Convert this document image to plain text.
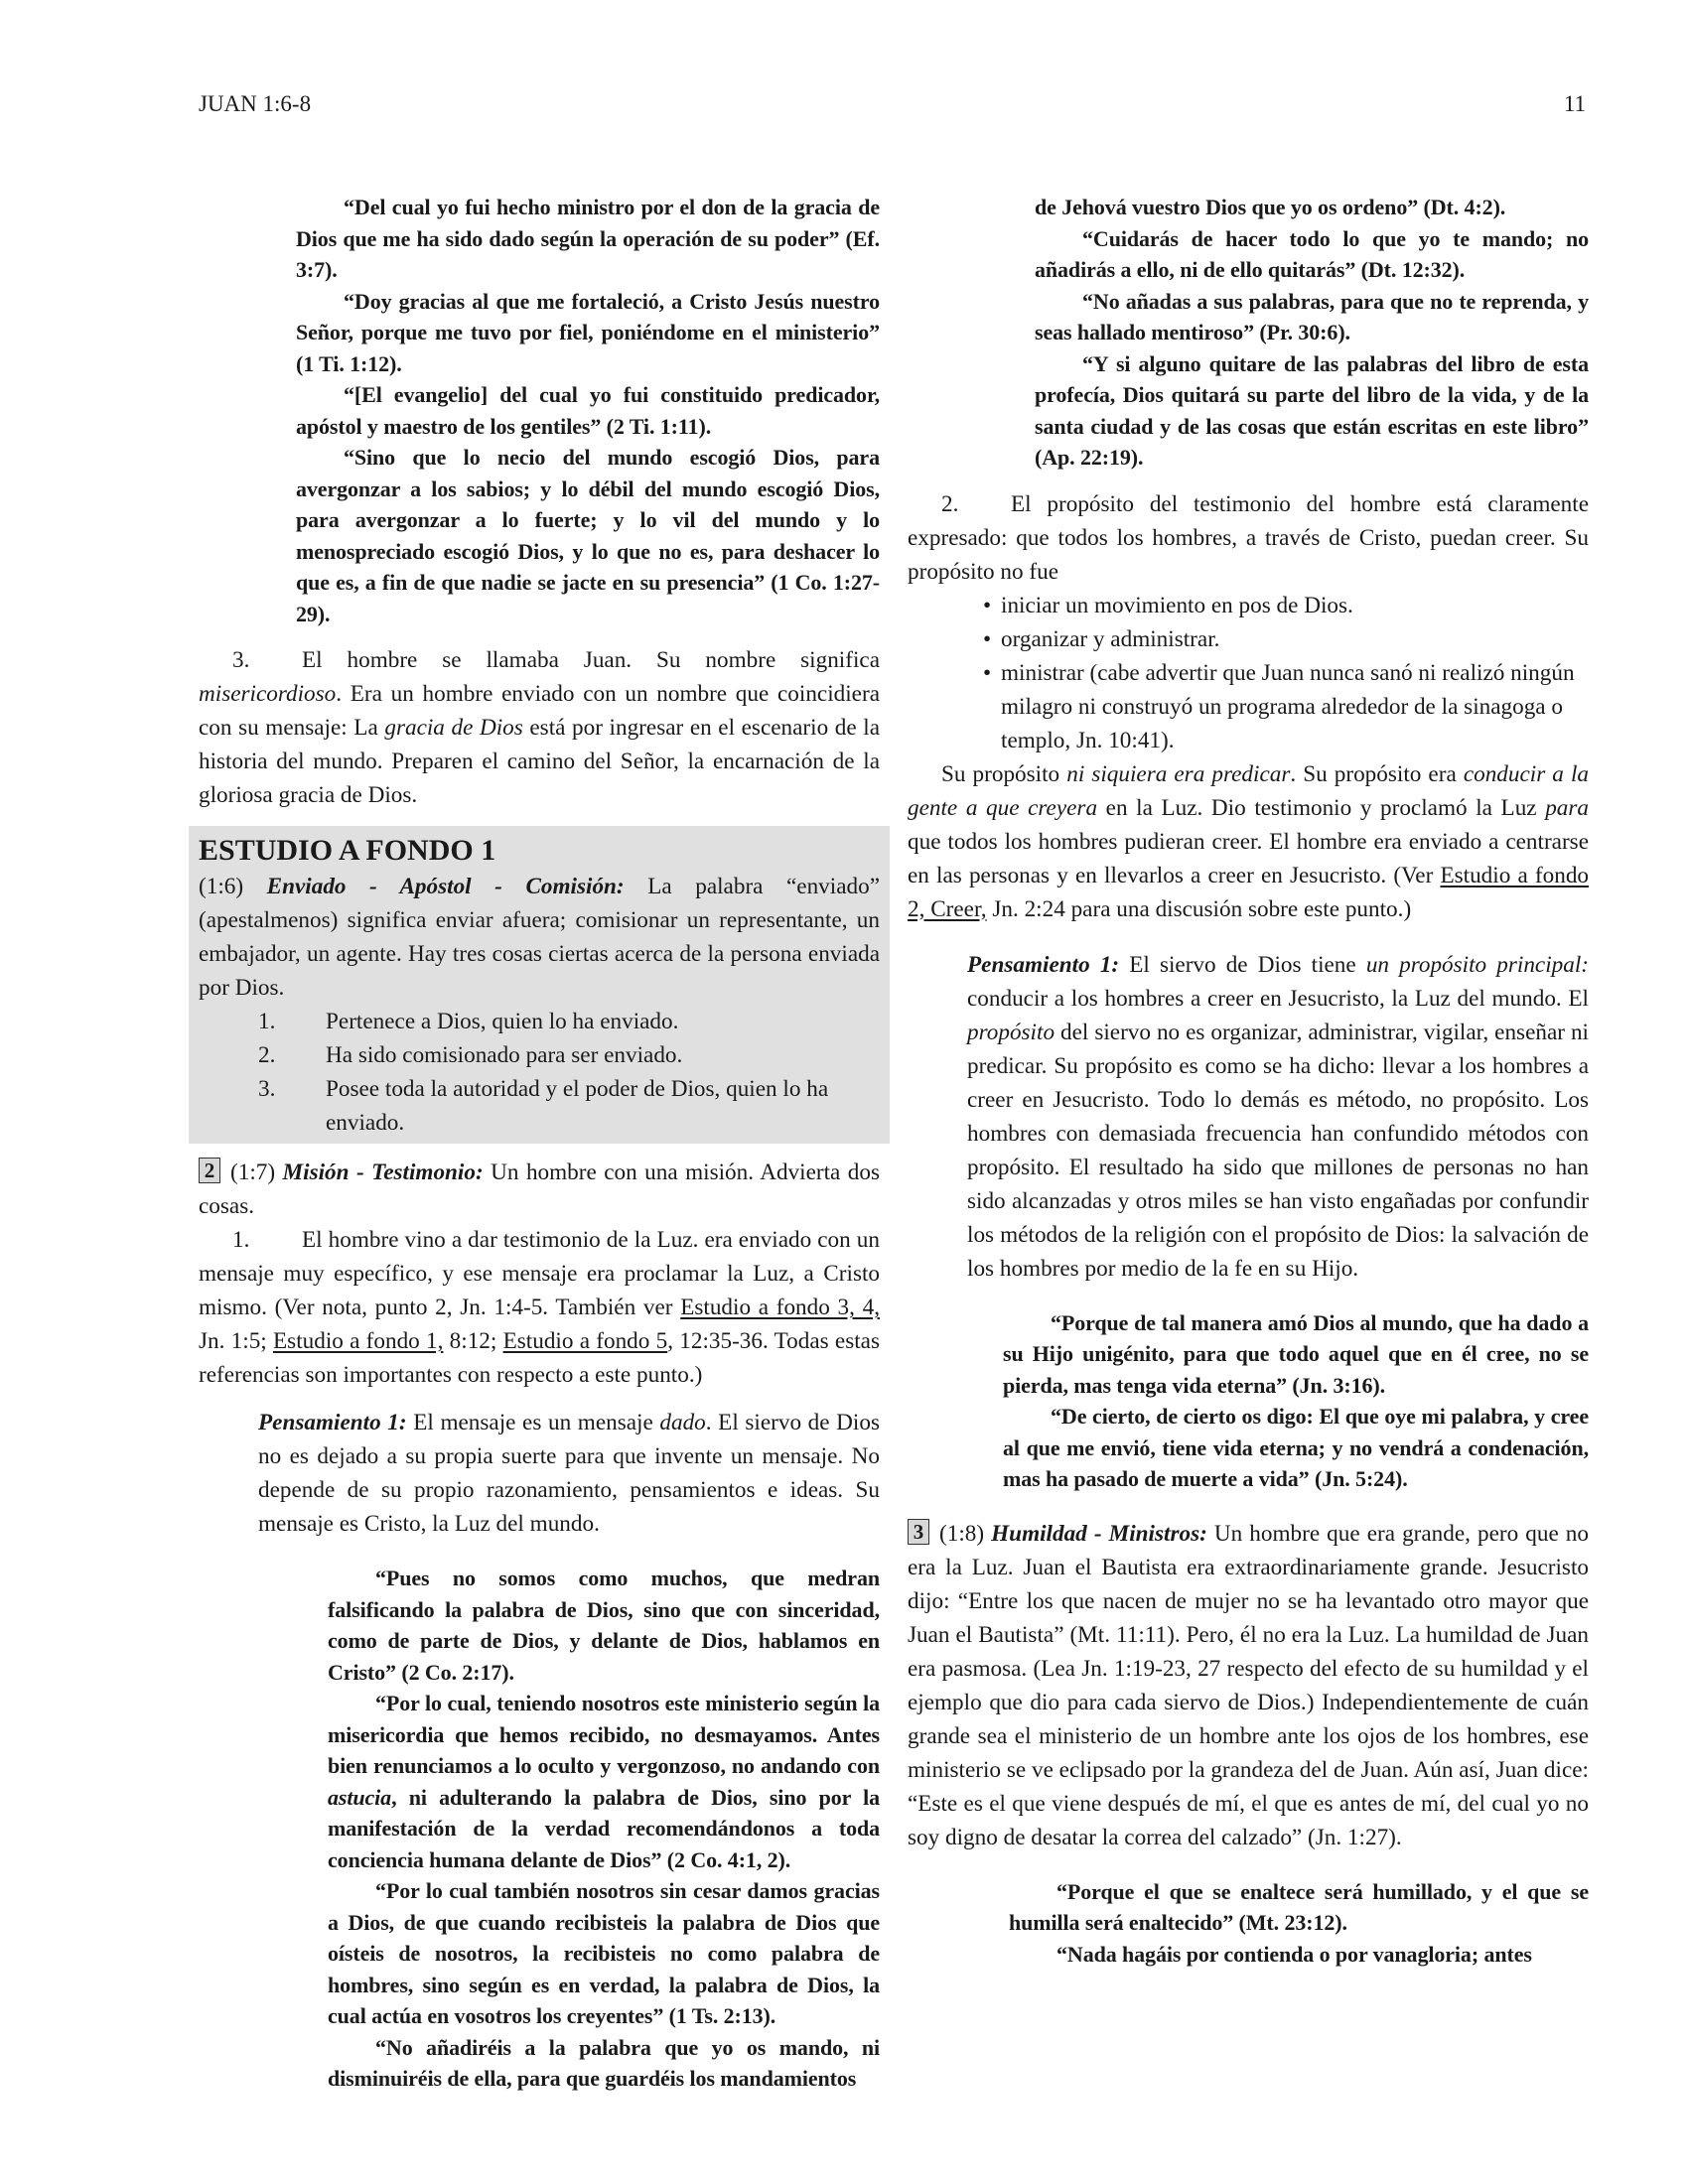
JUAN 1:6-8	11

“Del cual yo fui hecho ministro por el don de la gracia de Dios que me ha sido dado según la operación de su poder” (Ef. 3:7).

“Doy gracias al que me fortaleció, a Cristo Jesús nuestro Señor, porque me tuvo por fiel, poniéndome en el ministerio” (1 Ti. 1:12).

“[El evangelio] del cual yo fui constituido predicador, apóstol y maestro de los gentiles” (2 Ti. 1:11).

“Sino que lo necio del mundo escogió Dios, para avergonzar a los sabios; y lo débil del mundo escogió Dios, para avergonzar a lo fuerte; y lo vil del mundo y lo menospreciado escogió Dios, y lo que no es, para deshacer lo que es, a fin de que nadie se jacte en su presencia” (1 Co. 1:27-29).

3. El hombre se llamaba Juan. Su nombre significa misericordioso. Era un hombre enviado con un nombre que coincidiera con su mensaje: La gracia de Dios está por ingresar en el escenario de la historia del mundo. Preparen el camino del Señor, la encarnación de la gloriosa gracia de Dios.

ESTUDIO A FONDO 1

(1:6) Enviado - Apóstol - Comisión: La palabra “enviado” (apestalmenos) significa enviar afuera; comisionar un representante, un embajador, un agente. Hay tres cosas ciertas acerca de la persona enviada por Dios.

1. Pertenece a Dios, quien lo ha enviado.
2. Ha sido comisionado para ser enviado.
3. Posee toda la autoridad y el poder de Dios, quien lo ha enviado.

2 (1:7) Misión - Testimonio: Un hombre con una misión. Advierta dos cosas.

1. El hombre vino a dar testimonio de la Luz. era enviado con un mensaje muy específico, y ese mensaje era proclamar la Luz, a Cristo mismo. (Ver nota, punto 2, Jn. 1:4-5. También ver Estudio a fondo 3, 4, Jn. 1:5; Estudio a fondo 1, 8:12; Estudio a fondo 5, 12:35-36. Todas estas referencias son importantes con respecto a este punto.)

Pensamiento 1: El mensaje es un mensaje dado. El siervo de Dios no es dejado a su propia suerte para que invente un mensaje. No depende de su propio razonamiento, pensamientos e ideas. Su mensaje es Cristo, la Luz del mundo.

“Pues no somos como muchos, que medran falsificando la palabra de Dios, sino que con sinceridad, como de parte de Dios, y delante de Dios, hablamos en Cristo” (2 Co. 2:17).

“Por lo cual, teniendo nosotros este ministerio según la misericordia que hemos recibido, no desmayamos. Antes bien renunciamos a lo oculto y vergonzoso, no andando con astucia, ni adulterando la palabra de Dios, sino por la manifestación de la verdad recomendándonos a toda conciencia humana delante de Dios” (2 Co. 4:1, 2).

“Por lo cual también nosotros sin cesar damos gracias a Dios, de que cuando recibisteis la palabra de Dios que oísteis de nosotros, la recibisteis no como palabra de hombres, sino según es en verdad, la palabra de Dios, la cual actúa en vosotros los creyentes” (1 Ts. 2:13).

“No añadiréis a la palabra que yo os mando, ni disminuiréis de ella, para que guardéis los mandamientos

de Jehová vuestro Dios que yo os ordeno” (Dt. 4:2).

“Cuidarás de hacer todo lo que yo te mando; no añadirás a ello, ni de ello quitarás” (Dt. 12:32).

“No añadas a sus palabras, para que no te reprenda, y seas hallado mentiroso” (Pr. 30:6).

“Y si alguno quitare de las palabras del libro de esta profecía, Dios quitará su parte del libro de la vida, y de la santa ciudad y de las cosas que están escritas en este libro” (Ap. 22:19).

2. El propósito del testimonio del hombre está claramente expresado: que todos los hombres, a través de Cristo, puedan creer. Su propósito no fue

• iniciar un movimiento en pos de Dios.
• organizar y administrar.
• ministrar (cabe advertir que Juan nunca sanó ni realizó ningún milagro ni construyó un programa alrededor de la sinagoga o templo, Jn. 10:41).

Su propósito ni siquiera era predicar. Su propósito era conducir a la gente a que creyera en la Luz. Dio testimonio y proclamó la Luz para que todos los hombres pudieran creer. El hombre era enviado a centrarse en las personas y en llevarlos a creer en Jesucristo. (Ver Estudio a fondo 2, Creer, Jn. 2:24 para una discusión sobre este punto.)

Pensamiento 1: El siervo de Dios tiene un propósito principal: conducir a los hombres a creer en Jesucristo, la Luz del mundo. El propósito del siervo no es organizar, administrar, vigilar, enseñar ni predicar. Su propósito es como se ha dicho: llevar a los hombres a creer en Jesucristo. Todo lo demás es método, no propósito. Los hombres con demasiada frecuencia han confundido métodos con propósito. El resultado ha sido que millones de personas no han sido alcanzadas y otros miles se han visto engañadas por confundir los métodos de la religión con el propósito de Dios: la salvación de los hombres por medio de la fe en su Hijo.

“Porque de tal manera amó Dios al mundo, que ha dado a su Hijo unigénito, para que todo aquel que en él cree, no se pierda, mas tenga vida eterna” (Jn. 3:16).

“De cierto, de cierto os digo: El que oye mi palabra, y cree al que me envió, tiene vida eterna; y no vendrá a condenación, mas ha pasado de muerte a vida” (Jn. 5:24).

3 (1:8) Humildad - Ministros: Un hombre que era grande, pero que no era la Luz. Juan el Bautista era extraordinariamente grande. Jesucristo dijo: “Entre los que nacen de mujer no se ha levantado otro mayor que Juan el Bautista” (Mt. 11:11). Pero, él no era la Luz. La humildad de Juan era pasmosa. (Lea Jn. 1:19-23, 27 respecto del efecto de su humildad y el ejemplo que dio para cada siervo de Dios.) Independientemente de cuán grande sea el ministerio de un hombre ante los ojos de los hombres, ese ministerio se ve eclipsado por la grandeza del de Juan. Aún así, Juan dice: “Este es el que viene después de mí, el que es antes de mí, del cual yo no soy digno de desatar la correa del calzado” (Jn. 1:27).

“Porque el que se enaltece será humillado, y el que se humilla será enaltecido” (Mt. 23:12).

“Nada hagáis por contienda o por vanagloria; antes
